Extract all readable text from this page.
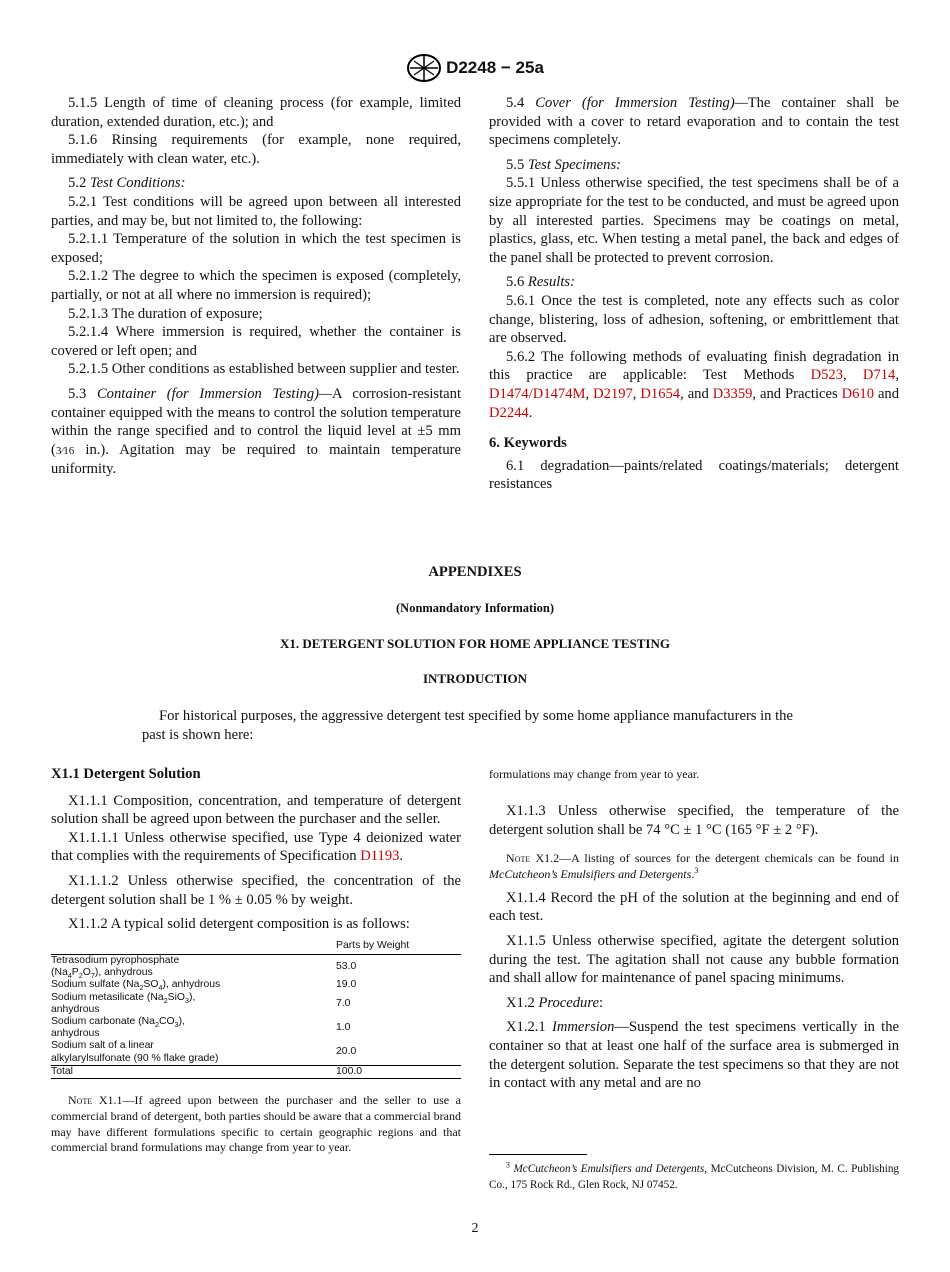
D2248 − 25a

5.1.5 Length of time of cleaning process (for example, limited duration, extended duration, etc.); and

5.1.6 Rinsing requirements (for example, none required, immediately with clean water, etc.).

5.2 Test Conditions:

5.2.1 Test conditions will be agreed upon between all interested parties, and may be, but not limited to, the following:

5.2.1.1 Temperature of the solution in which the test specimen is exposed;

5.2.1.2 The degree to which the specimen is exposed (completely, partially, or not at all where no immersion is required);

5.2.1.3 The duration of exposure;

5.2.1.4 Where immersion is required, whether the container is covered or left open; and

5.2.1.5 Other conditions as established between supplier and tester.

5.3 Container (for Immersion Testing)—A corrosion-resistant container equipped with the means to control the solution temperature within the range specified and to control the liquid level at ±5 mm (3⁄16 in.). Agitation may be required to maintain temperature uniformity.

5.4 Cover (for Immersion Testing)—The container shall be provided with a cover to retard evaporation and to contain the test specimens completely.

5.5 Test Specimens:

5.5.1 Unless otherwise specified, the test specimens shall be of a size appropriate for the test to be conducted, and must be agreed upon by all interested parties. Specimens may be coatings on metal, plastics, glass, etc. When testing a metal panel, the back and edges of the panel shall be protected to prevent corrosion.

5.6 Results:

5.6.1 Once the test is completed, note any effects such as color change, blistering, loss of adhesion, softening, or embrittlement that are observed.

5.6.2 The following methods of evaluating finish degradation in this practice are applicable: Test Methods D523, D714, D1474/D1474M, D2197, D1654, and D3359, and Practices D610 and D2244.

6. Keywords

6.1 degradation—paints/related coatings/materials; detergent resistances

APPENDIXES
(Nonmandatory Information)
X1. DETERGENT SOLUTION FOR HOME APPLIANCE TESTING
INTRODUCTION
For historical purposes, the aggressive detergent test specified by some home appliance manufacturers in the past is shown here:

X1.1 Detergent Solution

X1.1.1 Composition, concentration, and temperature of detergent solution shall be agreed upon between the purchaser and the seller.

X1.1.1.1 Unless otherwise specified, use Type 4 deionized water that complies with the requirements of Specification D1193.

X1.1.1.2 Unless otherwise specified, the concentration of the detergent solution shall be 1 % ± 0.05 % by weight.

X1.1.2 A typical solid detergent composition is as follows:

	Parts by Weight
Tetrasodium pyrophosphate
$(Na_4P_2O_7)$, anhydrous	53.0
Sodium sulfate $(Na_2SO_4)$, anhydrous	19.0
Sodium metasilicate $(Na_2SiO_3)$,
anhydrous	7.0
Sodium carbonate $(Na_2CO_3)$,
anhydrous	1.0
Sodium salt of a linear
alkylarylsulfonate (90 % flake grade)	20.0
Total	100.0

Note X1.1—If agreed upon between the purchaser and the seller to use a commercial brand of detergent, both parties should be aware that a commercial brand may have different formulations specific to certain geographic regions and that commercial brand formulations may change from year to year.

formulations may change from year to year.

X1.1.3 Unless otherwise specified, the temperature of the detergent solution shall be 74 °C ± 1 °C (165 °F ± 2 °F).

Note X1.2—A listing of sources for the detergent chemicals can be found in McCutcheon’s Emulsifiers and Detergents.$^3$

X1.1.4 Record the pH of the solution at the beginning and end of each test.

X1.1.5 Unless otherwise specified, agitate the detergent solution during the test. The agitation shall not cause any bubble formation and shall allow for maintenance of panel spacing minimums.

X1.2 Procedure:

X1.2.1 Immersion—Suspend the test specimens vertically in the container so that at least one half of the surface area is submerged in the detergent solution. Separate the test specimens so that they are not in contact with any metal and are no

$^3$ McCutcheon’s Emulsifiers and Detergents, McCutcheons Division, M. C. Publishing Co., 175 Rock Rd., Glen Rock, NJ 07452.

2
